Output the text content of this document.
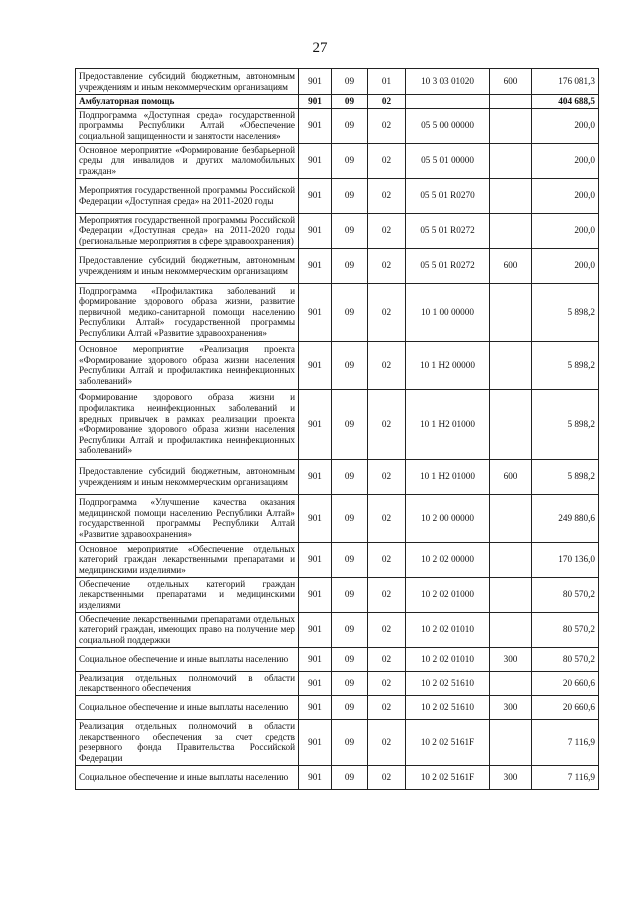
27
Предоставление субсидий бюджетным, автономным учреждениям и иным некоммерческим организациям	901	09	01	10 3 03 01020	600	176 081,3
Амбулаторная помощь	901	09	02			404 688,5
Подпрограмма «Доступная среда» государственной программы Республики Алтай «Обеспечение социальной защищенности и занятости населения»	901	09	02	05 5 00 00000		200,0
Основное мероприятие «Формирование безбарьерной среды для инвалидов и других маломобильных граждан»	901	09	02	05 5 01 00000		200,0
Мероприятия государственной программы Российской Федерации «Доступная среда» на 2011-2020 годы	901	09	02	05 5 01 R0270		200,0
Мероприятия государственной программы Российской Федерации «Доступная среда» на 2011-2020 годы (региональные мероприятия в сфере здравоохранения)	901	09	02	05 5 01 R0272		200,0
Предоставление субсидий бюджетным, автономным учреждениям и иным некоммерческим организациям	901	09	02	05 5 01 R0272	600	200,0
Подпрограмма «Профилактика заболеваний и формирование здорового образа жизни, развитие первичной медико-санитарной помощи населению Республики Алтай» государственной программы Республики Алтай «Развитие здравоохранения»	901	09	02	10 1 00 00000		5 898,2
Основное мероприятие «Реализация проекта «Формирование здорового образа жизни населения Республики Алтай и профилактика неинфекционных заболеваний»	901	09	02	10 1 Н2 00000		5 898,2
Формирование здорового образа жизни и профилактика неинфекционных заболеваний и вредных привычек в рамках реализации проекта «Формирование здорового образа жизни населения Республики Алтай и профилактика неинфекционных заболеваний»	901	09	02	10 1 Н2 01000		5 898,2
Предоставление субсидий бюджетным, автономным учреждениям и иным некоммерческим организациям	901	09	02	10 1 Н2 01000	600	5 898,2
Подпрограмма «Улучшение качества оказания медицинской помощи населению Республики Алтай» государственной программы Республики Алтай «Развитие здравоохранения»	901	09	02	10 2 00 00000		249 880,6
Основное мероприятие «Обеспечение отдельных категорий граждан лекарственными препаратами и медицинскими изделиями»	901	09	02	10 2 02 00000		170 136,0
Обеспечение отдельных категорий граждан лекарственными препаратами и медицинскими изделиями	901	09	02	10 2 02 01000		80 570,2
Обеспечение лекарственными препаратами отдельных категорий граждан, имеющих право на получение мер социальной поддержки	901	09	02	10 2 02 01010		80 570,2
Социальное обеспечение и иные выплаты населению	901	09	02	10 2 02 01010	300	80 570,2
Реализация отдельных полномочий в области лекарственного обеспечения	901	09	02	10 2 02 51610		20 660,6
Социальное обеспечение и иные выплаты населению	901	09	02	10 2 02 51610	300	20 660,6
Реализация отдельных полномочий в области лекарственного обеспечения за счет средств резервного фонда Правительства Российской Федерации	901	09	02	10 2 02 5161F		7 116,9
Социальное обеспечение и иные выплаты населению	901	09	02	10 2 02 5161F	300	7 116,9
